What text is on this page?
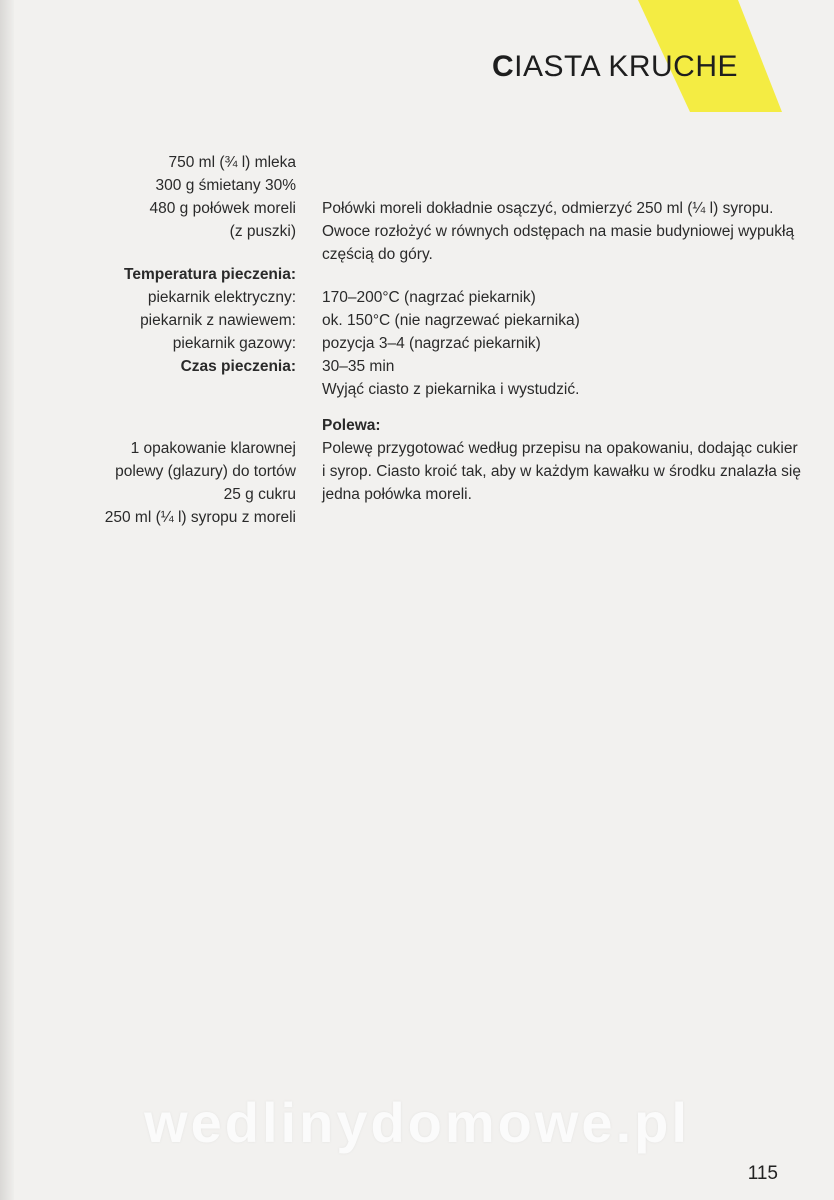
CIASTA KRUCHE
750 ml (¾ l) mleka
300 g śmietany 30%
480 g połówek moreli
(z puszki)
Połówki moreli dokładnie osączyć, odmierzyć 250 ml (¼ l) syropu. Owoce rozłożyć w równych odstępach na masie budyniowej wypukłą częścią do góry.
Temperatura pieczenia:
piekarnik elektryczny:
piekarnik z nawiewem:
piekarnik gazowy:
Czas pieczenia:
170–200°C (nagrzać piekarnik)
ok. 150°C (nie nagrzewać piekarnika)
pozycja 3–4 (nagrzać piekarnik)
30–35 min
Wyjąć ciasto z piekarnika i wystudzić.
Polewa:
1 opakowanie klarownej
polewy (glazury) do tortów
25 g cukru
250 ml (¼ l) syropu z moreli
Polewę przygotować według przepisu na opakowaniu, dodając cukier i syrop. Ciasto kroić tak, aby w każdym kawałku w środku znalazła się jedna połówka moreli.
wedlinydomowe.pl
115
